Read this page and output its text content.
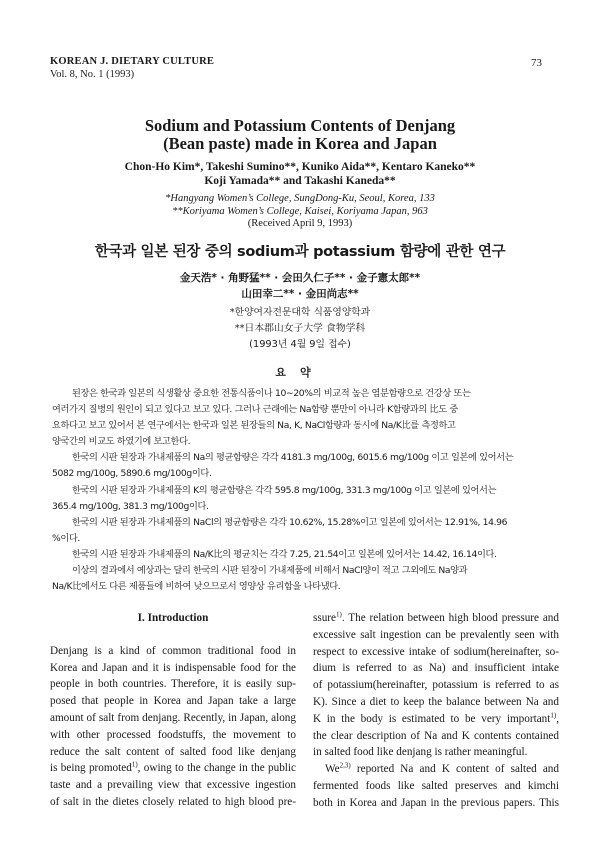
KOREAN J. DIETARY CULTURE
Vol. 8, No. 1 (1993)
73
Sodium and Potassium Contents of Denjang
(Bean paste) made in Korea and Japan
Chon-Ho Kim*, Takeshi Sumino**, Kuniko Aida**, Kentaro Kaneko**
Koji Yamada** and Takashi Kaneda**
*Hangyang Women’s College, SungDong-Ku, Seoul, Korea, 133
**Koriyama Women’s College, Kaisei, Koriyama Japan, 963
(Received April 9, 1993)
한국과 일본 된장 중의 sodium과 potassium 함량에 관한 연구
金天浩* · 角野猛** · 会田久仁子** · 金子憲太郎**
山田幸二** · 金田尚志**
*한양여자전문대학 식품영양학과
**日本郡山女子大学 食物学科
(1993년 4월 9일 접수)
요약

된장은 한국과 일본의 식생활상 중요한 전통식품이나 10∼20%의 비교적 높은 염분함량으로 건강상 또는
여러가지 질병의 원인이 되고 있다고 보고 있다. 그러나 근래에는 Na함량 뿐만이 아니라 K함량과의 比도 중
요하다고 보고 있어서 본 연구에서는 한국과 일본 된장들의 Na, K, NaCl함량과 동시에 Na/K比를 측정하고
양국간의 비교도 하였기에 보고한다.

한국의 시판 된장과 가내제품의 Na의 평균함량은 각각 4181.3 mg/100g, 6015.6 mg/100g 이고 일본에 있어서는
5082 mg/100g, 5890.6 mg/100g이다.

한국의 시판 된장과 가내제품의 K의 평균함량은 각각 595.8 mg/100g, 331.3 mg/100g 이고 일본에 있어서는
365.4 mg/100g, 381.3 mg/100g이다.

한국의 시판 된장과 가내제품의 NaCl의 평균함량은 각각 10.62%, 15.28%이고 일본에 있어서는 12.91%, 14.96
%이다.

한국의 시판 된장과 가내제품의 Na/K比의 평균치는 각각 7.25, 21.54이고 일본에 있어서는 14.42, 16.14이다.

이상의 결과에서 예상과는 달리 한국의 시판 된장이 가내제품에 비해서 NaCl양이 적고 그외에도 Na양과
Na/K比에서도 다른 제품들에 비하여 낮으므로서 영양상 유리함을 나타냈다.

I. Introduction
Denjang is a kind of common traditional food in
Korea and Japan and it is indispensable food for the
people in both countries. Therefore, it is easily sup-
posed that people in Korea and Japan take a large
amount of salt from denjang. Recently, in Japan, along
with other processed foodstuffs, the movement to
reduce the salt content of salted food like denjang
is being promoted$^{1)}$, owing to the change in the public
taste and a prevailing view that excessive ingestion
of salt in the dietes closely related to high blood pre-
ssure$^{1)}$. The relation between high blood pressure and
excessive salt ingestion can be prevalently seen with
respect to excessive intake of sodium(hereinafter, so-
dium is referred to as Na) and insufficient intake
of potassium(hereinafter, potassium is referred to as
K). Since a diet to keep the balance between Na and
K in the body is estimated to be very important$^{1)}$,
the clear description of Na and K contents contained
in salted food like denjang is rather meaningful.
We$^{2,3)}$ reported Na and K content of salted and
fermented foods like salted preserves and kimchi
both in Korea and Japan in the previous papers. This
